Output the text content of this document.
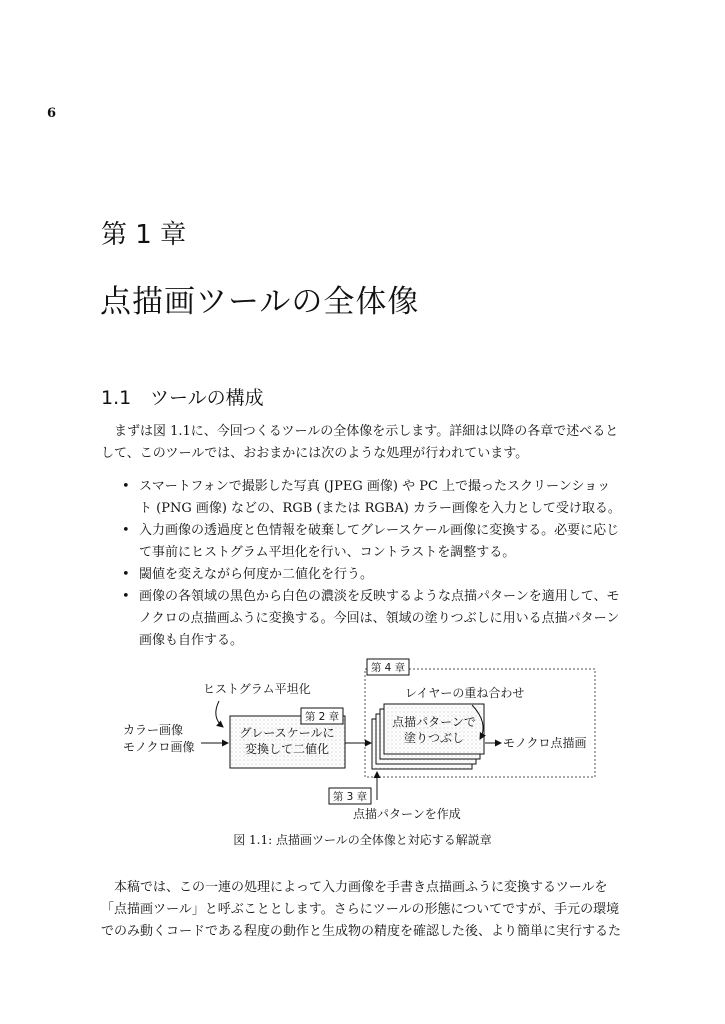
6
第 1 章
点描画ツールの全体像
1.1 ツールの構成

まずは図 1.1に、今回つくるツールの全体像を示します。詳細は以降の各章で述べると して、このツールでは、おおまかには次のような処理が行われています。

• スマートフォンで撮影した写真 (JPEG 画像) や PC 上で撮ったスクリーンショット (PNG 画像) などの、RGB (または RGBA) カラー画像を入力として受け取る。
• 入力画像の透過度と色情報を破棄してグレースケール画像に変換する。必要に応じて事前にヒストグラム平坦化を行い、コントラストを調整する。
• 閾値を変えながら何度か二値化を行う。
• 画像の各領域の黒色から白色の濃淡を反映するような点描パターンを適用して、モノクロの点描画ふうに変換する。今回は、領域の塗りつぶしに用いる点描パターン画像も自作する。
第 4 章
カラー画像
モノクロ画像
ヒストグラム平坦化
第 2 章
グレースケールに
変換して二値化
点描パターンで
塗りつぶし
レイヤーの重ね合わせ
モノクロ点描画
第 3 章
点描パターンを作成
図 1.1: 点描画ツールの全体像と対応する解説章

本稿では、この一連の処理によって入力画像を手書き点描画ふうに変換するツールを「点描画ツール」と呼ぶこととします。さらにツールの形態についてですが、手元の環境でのみ動くコードである程度の動作と生成物の精度を確認した後、より簡単に実行するた
